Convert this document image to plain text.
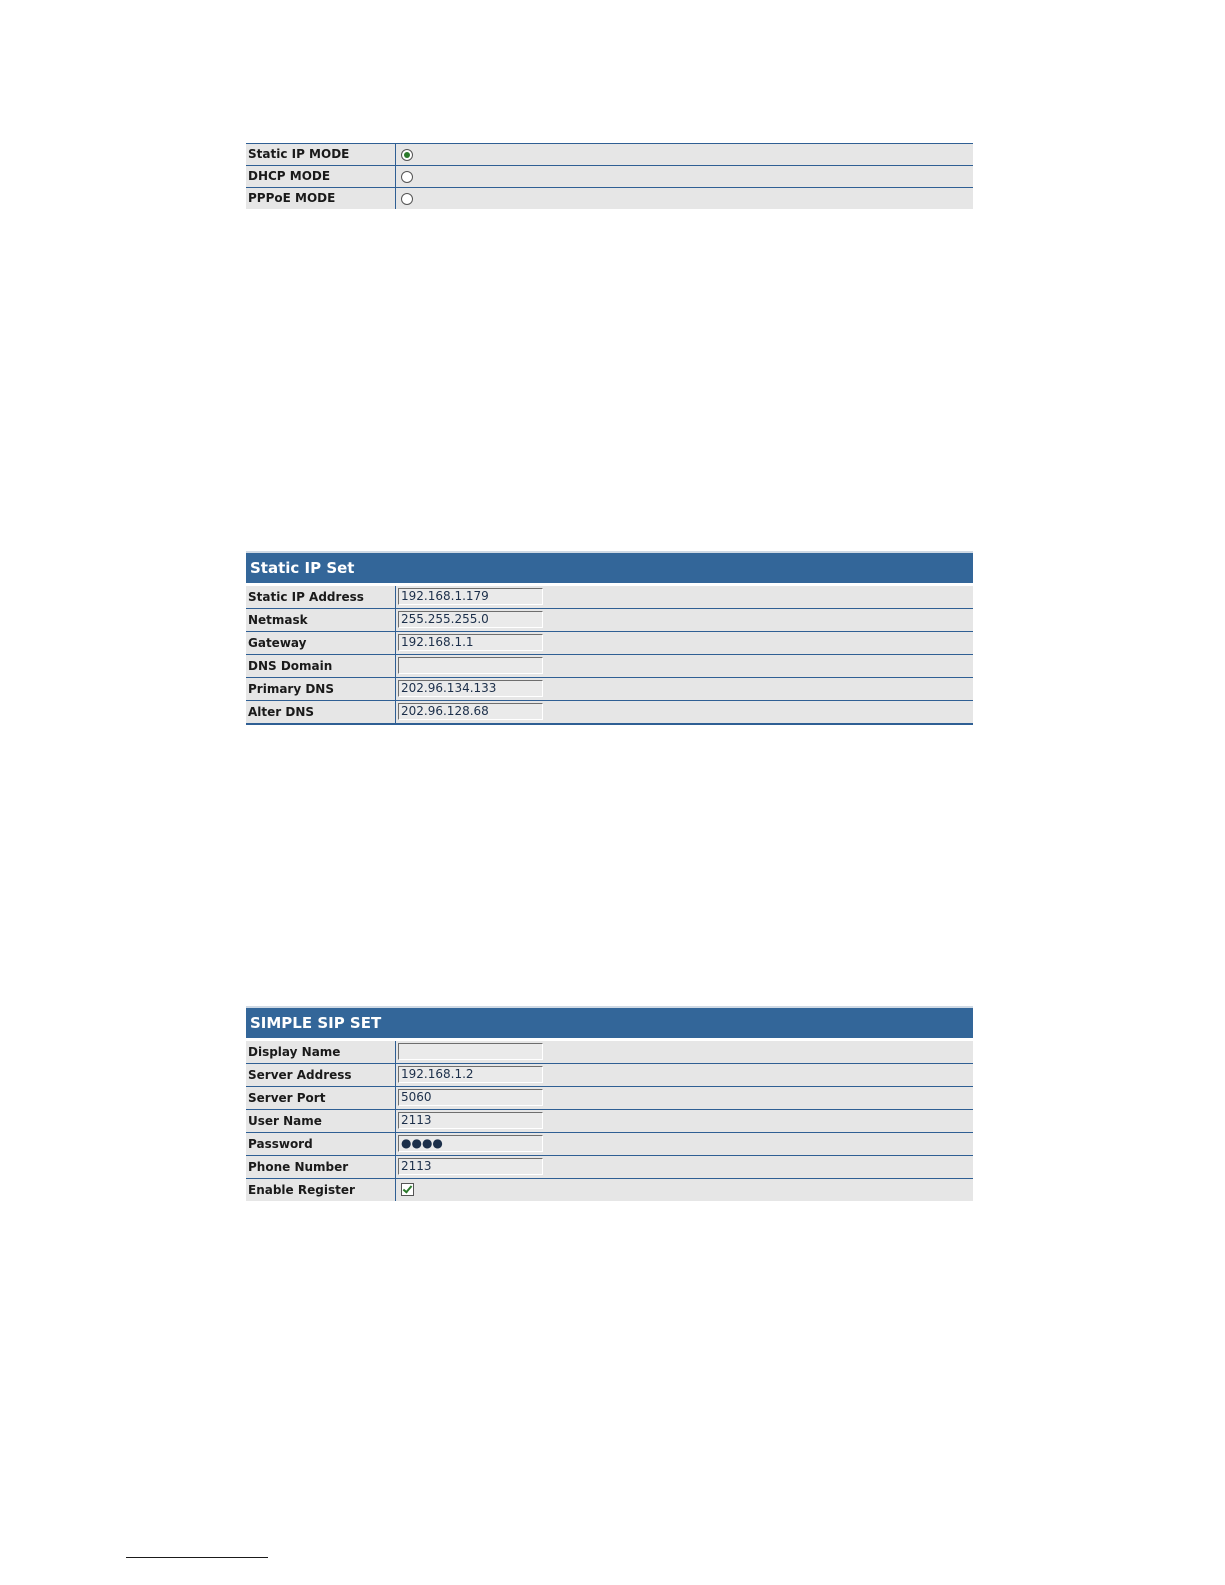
Static IP MODE
DHCP MODE
PPPoE MODE
Static IP Set
Static IP Address	192.168.1.179
Netmask	255.255.255.0
Gateway	192.168.1.1
DNS Domain
Primary DNS	202.96.134.133
Alter DNS	202.96.128.68
SIMPLE SIP SET
Display Name
Server Address	192.168.1.2
Server Port	5060
User Name	2113
Password	●●●●
Phone Number	2113
Enable Register
